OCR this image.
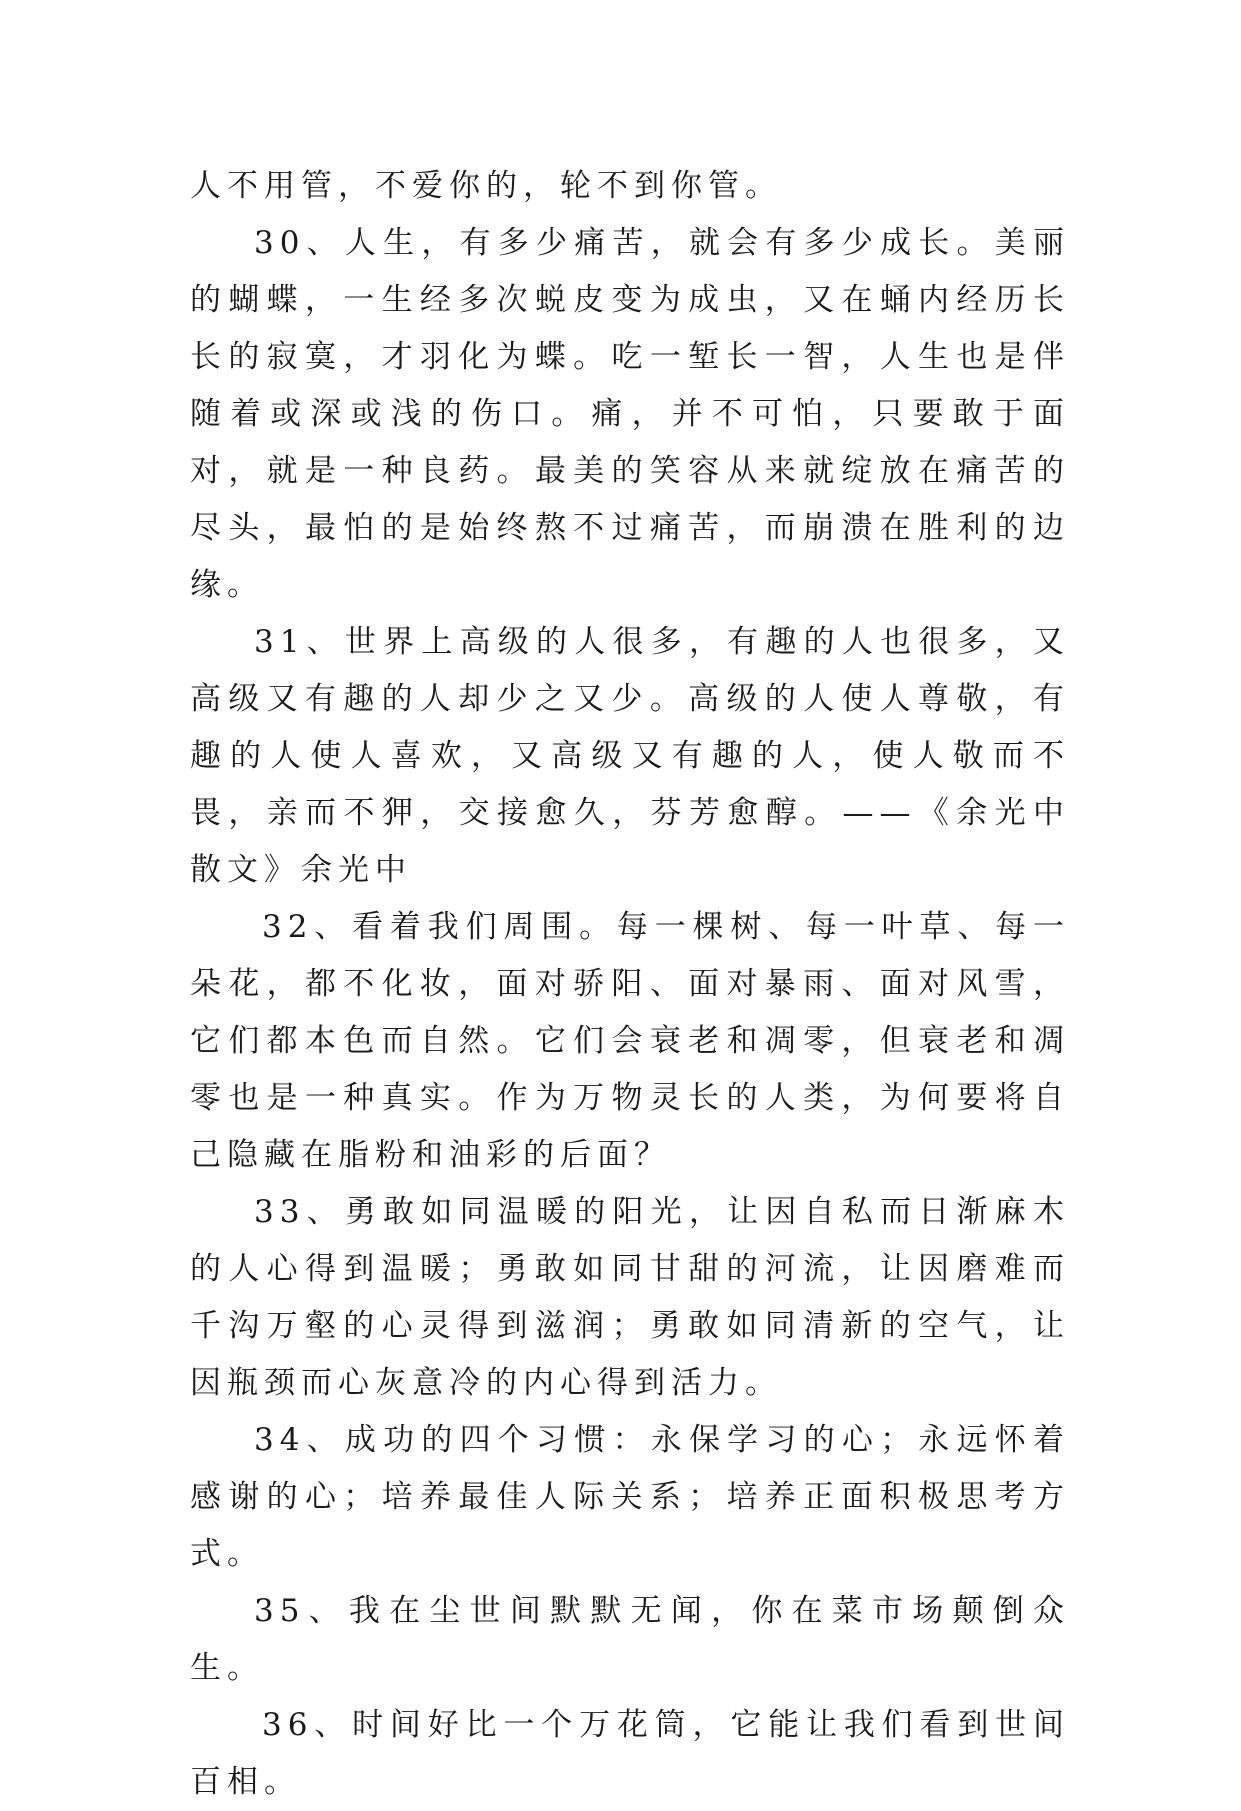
人不用管，不爱你的，轮不到你管。

30、人生，有多少痛苦，就会有多少成长。美丽的蝴蝶，一生经多次蜕皮变为成虫，又在蛹内经历长长的寂寞，才羽化为蝶。吃一堑长一智，人生也是伴随着或深或浅的伤口。痛，并不可怕，只要敢于面对，就是一种良药。最美的笑容从来就绽放在痛苦的尽头，最怕的是始终熬不过痛苦，而崩溃在胜利的边缘。

31、世界上高级的人很多，有趣的人也很多，又高级又有趣的人却少之又少。高级的人使人尊敬，有趣的人使人喜欢，又高级又有趣的人，使人敬而不畏，亲而不狎，交接愈久，芬芳愈醇。——《余光中散文》余光中

32、看着我们周围。每一棵树、每一叶草、每一朵花，都不化妆，面对骄阳、面对暴雨、面对风雪，它们都本色而自然。它们会衰老和凋零，但衰老和凋零也是一种真实。作为万物灵长的人类，为何要将自己隐藏在脂粉和油彩的后面？

33、勇敢如同温暖的阳光，让因自私而日渐麻木的人心得到温暖；勇敢如同甘甜的河流，让因磨难而千沟万壑的心灵得到滋润；勇敢如同清新的空气，让因瓶颈而心灰意冷的内心得到活力。

34、成功的四个习惯：永保学习的心；永远怀着感谢的心；培养最佳人际关系；培养正面积极思考方式。

35、我在尘世间默默无闻，你在菜市场颠倒众生。

36、时间好比一个万花筒，它能让我们看到世间百相。
